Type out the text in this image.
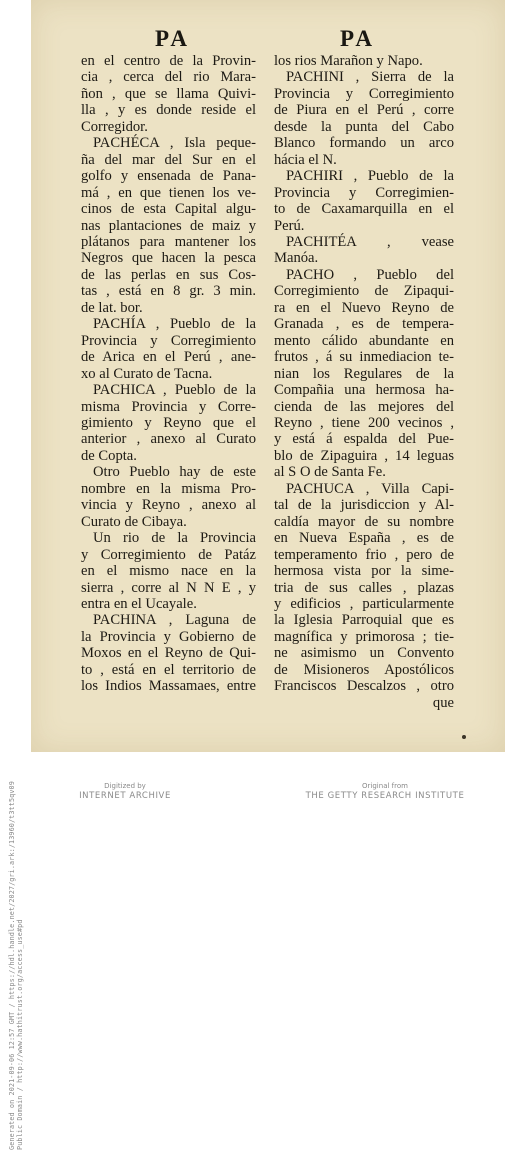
Generated on 2021-09-06 12:57 GMT / https://hdl.handle.net/2027/gri.ark:/13960/t3tt5qv09 Public Domain / http://www.hathitrust.org/access_use#pd
PA	PA
en el centro de la Provin-
cia , cerca del rio Mara-
ñon , que se llama Quivi-
lla , y es donde reside el
Corregidor.
PACHÉCA , Isla peque-
ña del mar del Sur en el
golfo y ensenada de Pana-
má , en que tienen los ve-
cinos de esta Capital algu-
nas plantaciones de maiz y
plátanos para mantener los
Negros que hacen la pesca
de las perlas en sus Cos-
tas , está en 8 gr. 3 min.
de lat. bor.
PACHÍA , Pueblo de la
Provincia y Corregimiento
de Arica en el Perú , ane-
xo al Curato de Tacna.
PACHICA , Pueblo de la
misma Provincia y Corre-
gimiento y Reyno que el
anterior , anexo al Curato
de Copta.
Otro Pueblo hay de este
nombre en la misma Pro-
vincia y Reyno , anexo al
Curato de Cibaya.
Un rio de la Provincia
y Corregimiento de Patáz
en el mismo nace en la
sierra , corre al N N E , y
entra en el Ucayale.
PACHINA , Laguna de
la Provincia y Gobierno de
Moxos en el Reyno de Qui-
to , está en el territorio de
los Indios Massamaes, entre
los rios Marañon y Napo.
PACHINI , Sierra de la
Provincia y Corregimiento
de Piura en el Perú , corre
desde la punta del Cabo
Blanco formando un arco
hácia el N.
PACHIRI , Pueblo de la
Provincia y Corregimien-
to de Caxamarquilla en el
Perú.
PACHITÉA , vease
Manóa.
PACHO , Pueblo del
Corregimiento de Zipaqui-
ra en el Nuevo Reyno de
Granada , es de tempera-
mento cálido abundante en
frutos , á su inmediacion te-
nian los Regulares de la
Compañia una hermosa ha-
cienda de las mejores del
Reyno , tiene 200 vecinos ,
y está á espalda del Pue-
blo de Zipaguira , 14 leguas
al S O de Santa Fe.
PACHUCA , Villa Capi-
tal de la jurisdiccion y Al-
caldía mayor de su nombre
en Nueva España , es de
temperamento frio , pero de
hermosa vista por la sime-
tria de sus calles , plazas
y edificios , particularmente
la Iglesia Parroquial que es
magnífica y primorosa ; tie-
ne asimismo un Convento
de Misioneros Apostólicos
Franciscos Descalzos , otro
que
Digitized by
INTERNET ARCHIVE
Original from
THE GETTY RESEARCH INSTITUTE
